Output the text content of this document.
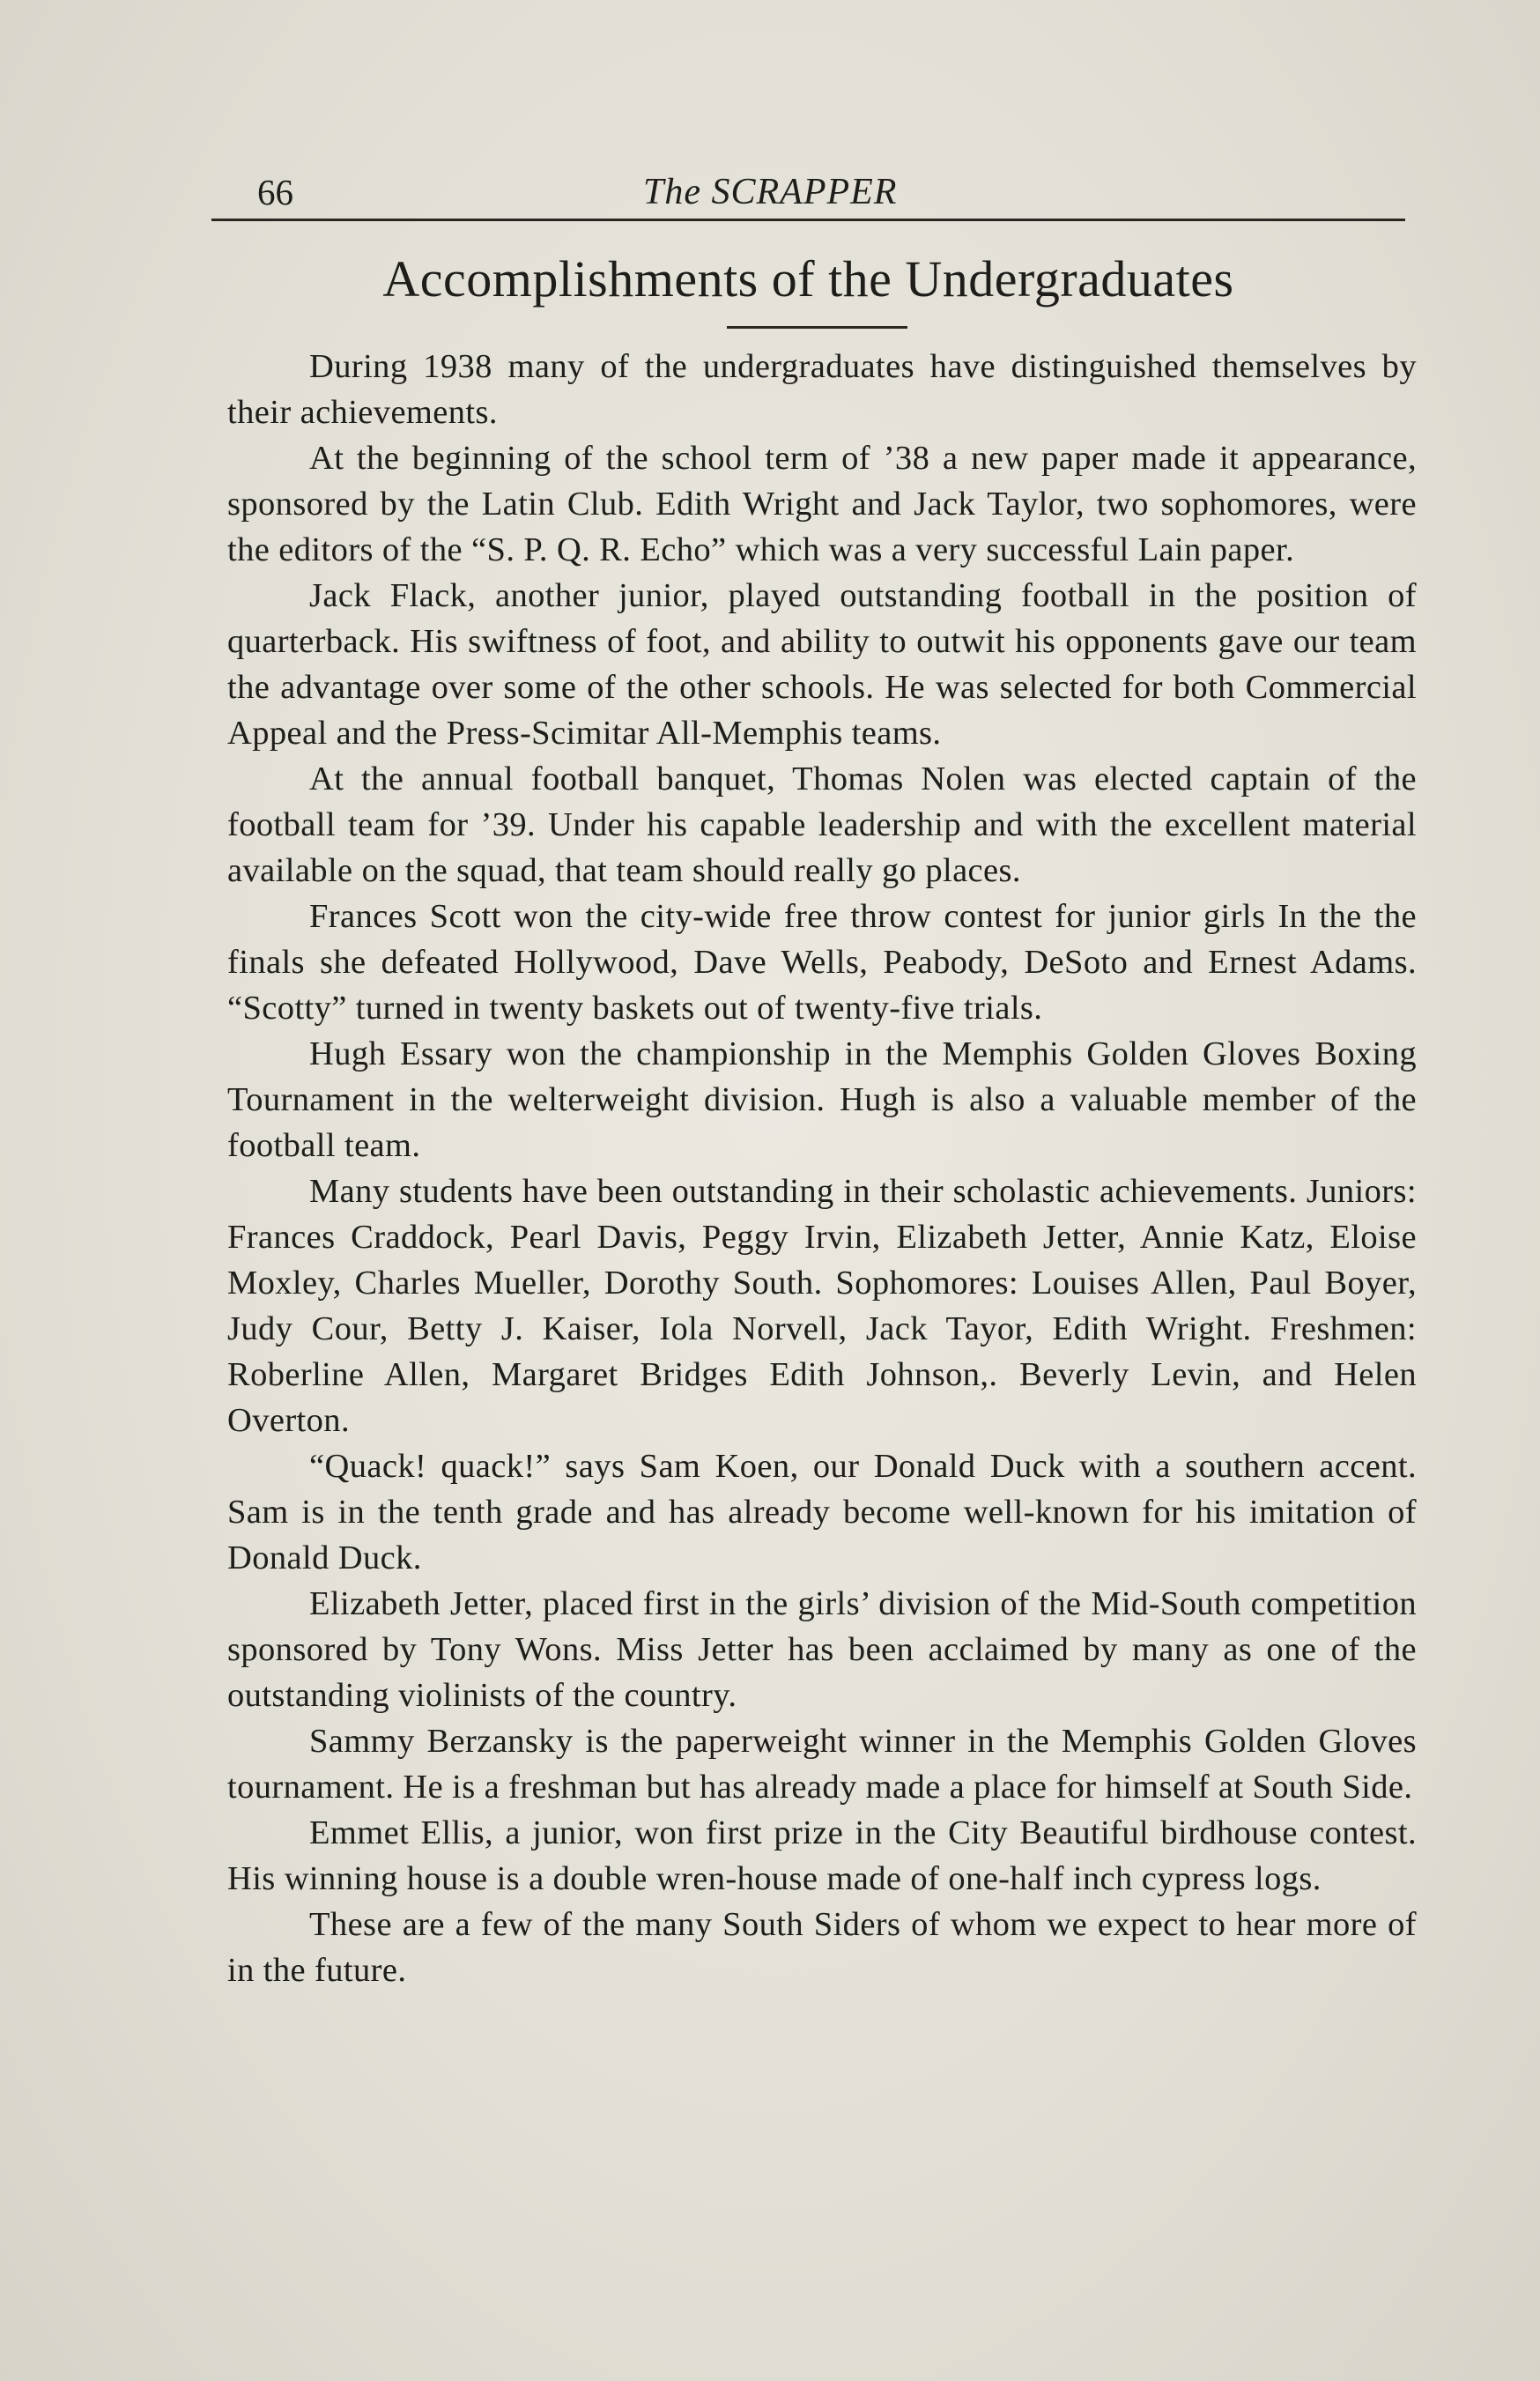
66	The SCRAPPER
Accomplishments of the Undergraduates

During 1938 many of the undergraduates have distinguished themselves by their achievements.

At the beginning of the school term of ’38 a new paper made it appearance, sponsored by the Latin Club. Edith Wright and Jack Taylor, two sophomores, were the editors of the “S. P. Q. R. Echo” which was a very successful Lain paper.

Jack Flack, another junior, played outstanding football in the position of quarterback. His swiftness of foot, and ability to outwit his opponents gave our team the advantage over some of the other schools. He was selected for both Commercial Appeal and the Press-Scimitar All-Memphis teams.

At the annual football banquet, Thomas Nolen was elected captain of the football team for ’39. Under his capable leadership and with the excellent material available on the squad, that team should really go places.

Frances Scott won the city-wide free throw contest for junior girls In the the finals she defeated Hollywood, Dave Wells, Peabody, DeSoto and Ernest Adams. “Scotty” turned in twenty baskets out of twenty-five trials.

Hugh Essary won the championship in the Memphis Golden Gloves Boxing Tournament in the welterweight division. Hugh is also a valuable member of the football team.

Many students have been outstanding in their scholastic achievements. Juniors: Frances Craddock, Pearl Davis, Peggy Irvin, Elizabeth Jetter, Annie Katz, Eloise Moxley, Charles Mueller, Dorothy South. Sophomores: Louises Allen, Paul Boyer, Judy Cour, Betty J. Kaiser, Iola Norvell, Jack Tayor, Edith Wright. Freshmen: Roberline Allen, Margaret Bridges Edith Johnson,. Beverly Levin, and Helen Overton.

“Quack! quack!” says Sam Koen, our Donald Duck with a southern accent. Sam is in the tenth grade and has already become well-known for his imitation of Donald Duck.

Elizabeth Jetter, placed first in the girls’ division of the Mid-South competition sponsored by Tony Wons. Miss Jetter has been acclaimed by many as one of the outstanding violinists of the country.

Sammy Berzansky is the paperweight winner in the Memphis Golden Gloves tournament. He is a freshman but has already made a place for himself at South Side.

Emmet Ellis, a junior, won first prize in the City Beautiful birdhouse contest. His winning house is a double wren-house made of one-half inch cypress logs.

These are a few of the many South Siders of whom we expect to hear more of in the future.
